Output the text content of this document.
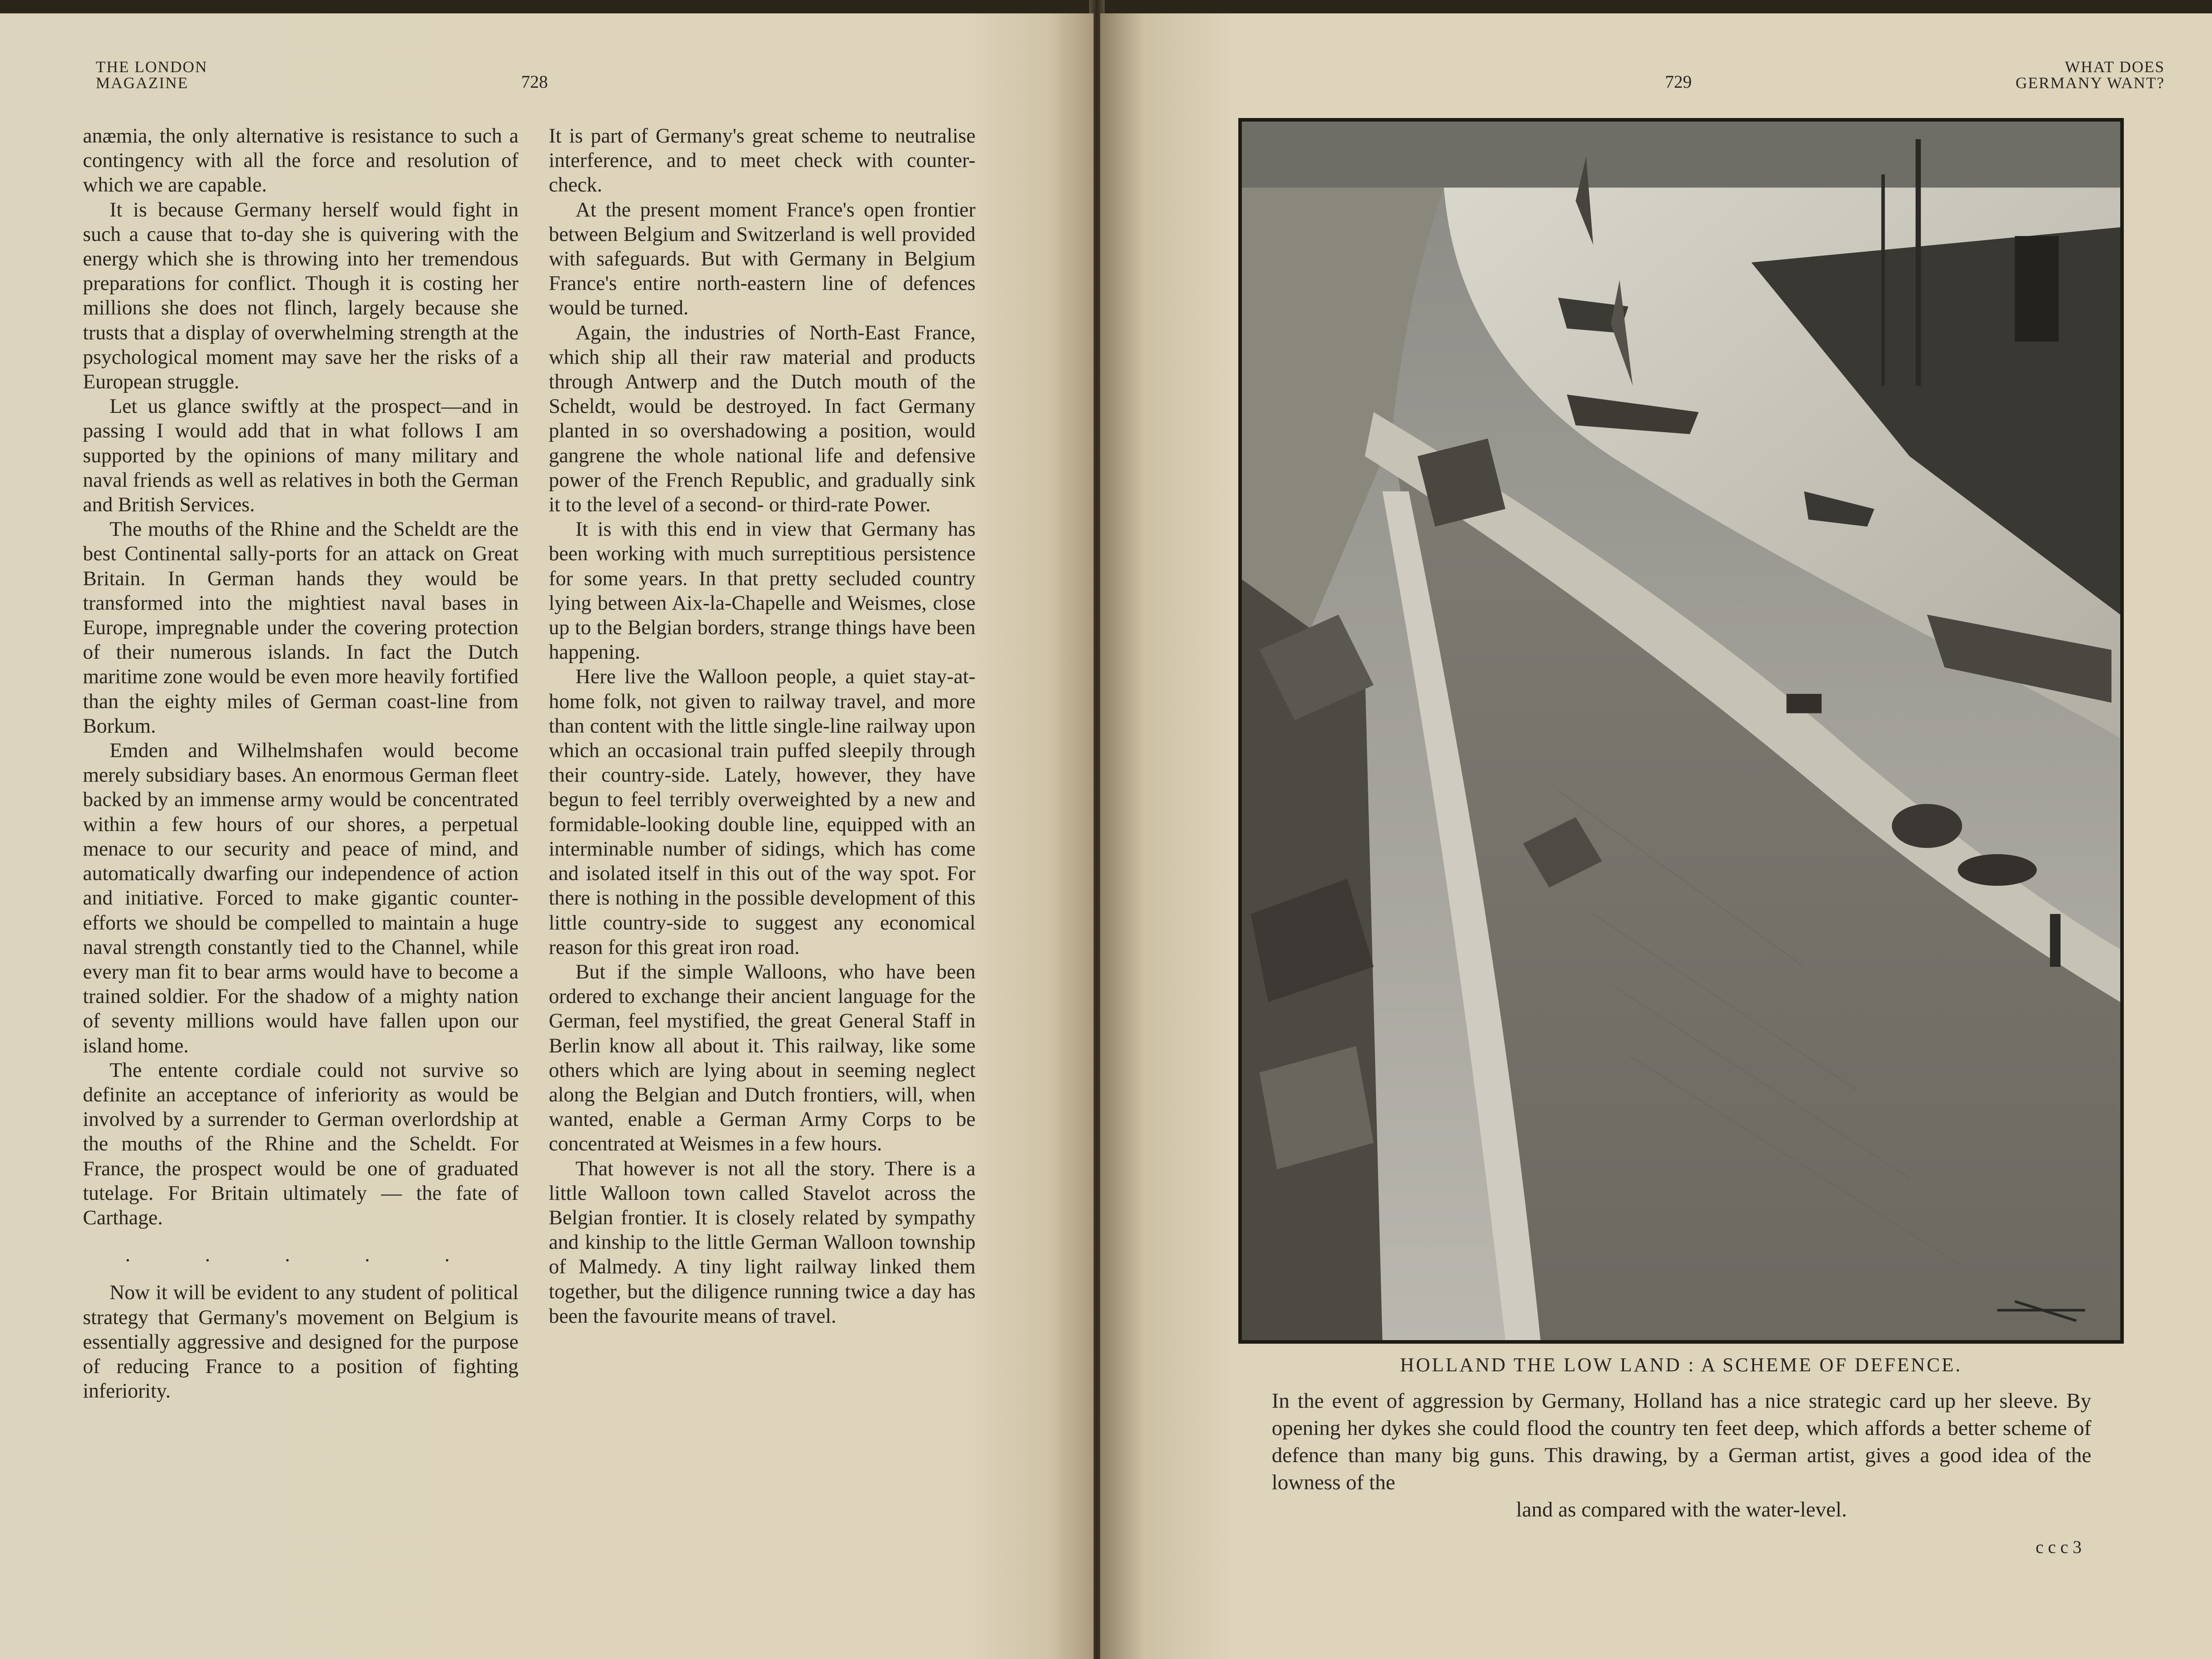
THE LONDON
MAGAZINE	728

anæmia, the only alternative is resistance to such a contingency with all the force and resolution of which we are capable.

It is because Germany herself would fight in such a cause that to-day she is quivering with the energy which she is throwing into her tremendous preparations for conflict. Though it is costing her millions she does not flinch, largely because she trusts that a display of overwhelming strength at the psychological moment may save her the risks of a European struggle.

Let us glance swiftly at the prospect—and in passing I would add that in what follows I am supported by the opinions of many military and naval friends as well as relatives in both the German and British Services.

The mouths of the Rhine and the Scheldt are the best Continental sally-ports for an attack on Great Britain. In German hands they would be transformed into the mightiest naval bases in Europe, impregnable under the covering protection of their numerous islands. In fact the Dutch maritime zone would be even more heavily fortified than the eighty miles of German coast-line from Borkum.

Emden and Wilhelmshafen would become merely subsidiary bases. An enormous German fleet backed by an immense army would be concentrated within a few hours of our shores, a perpetual menace to our security and peace of mind, and automatically dwarfing our independence of action and initiative. Forced to make gigantic counter-efforts we should be compelled to maintain a huge naval strength constantly tied to the Channel, while every man fit to bear arms would have to become a trained soldier. For the shadow of a mighty nation of seventy millions would have fallen upon our island home.

The entente cordiale could not survive so definite an acceptance of inferiority as would be involved by a surrender to German overlordship at the mouths of the Rhine and the Scheldt. For France, the prospect would be one of graduated tutelage. For Britain ultimately — the fate of Carthage.

. . . . .

Now it will be evident to any student of political strategy that Germany's movement on Belgium is essentially aggressive and designed for the purpose of reducing France to a position of fighting inferiority.

It is part of Germany's great scheme to neutralise interference, and to meet check with counter-check.

At the present moment France's open frontier between Belgium and Switzerland is well provided with safeguards. But with Germany in Belgium France's entire north-eastern line of defences would be turned.

Again, the industries of North-East France, which ship all their raw material and products through Antwerp and the Dutch mouth of the Scheldt, would be destroyed. In fact Germany planted in so overshadowing a position, would gangrene the whole national life and defensive power of the French Republic, and gradually sink it to the level of a second- or third-rate Power.

It is with this end in view that Germany has been working with much surreptitious persistence for some years. In that pretty secluded country lying between Aix-la-Chapelle and Weismes, close up to the Belgian borders, strange things have been happening.

Here live the Walloon people, a quiet stay-at-home folk, not given to railway travel, and more than content with the little single-line railway upon which an occasional train puffed sleepily through their country-side. Lately, however, they have begun to feel terribly overweighted by a new and formidable-looking double line, equipped with an interminable number of sidings, which has come and isolated itself in this out of the way spot. For there is nothing in the possible development of this little country-side to suggest any economical reason for this great iron road.

But if the simple Walloons, who have been ordered to exchange their ancient language for the German, feel mystified, the great General Staff in Berlin know all about it. This railway, like some others which are lying about in seeming neglect along the Belgian and Dutch frontiers, will, when wanted, enable a German Army Corps to be concentrated at Weismes in a few hours.

That however is not all the story. There is a little Walloon town called Stavelot across the Belgian frontier. It is closely related by sympathy and kinship to the little German Walloon township of Malmedy. A tiny light railway linked them together, but the diligence running twice a day has been the favourite means of travel.

729
WHAT DOES
GERMANY WANT?
HOLLAND THE LOW LAND : A SCHEME OF DEFENCE.
In the event of aggression by Germany, Holland has a nice strategic card up her sleeve. By opening her dykes she could flood the country ten feet deep, which affords a better scheme of defence than many big guns. This drawing, by a German artist, gives a good idea of the lowness of the
land as compared with the water-level.
ccc3
